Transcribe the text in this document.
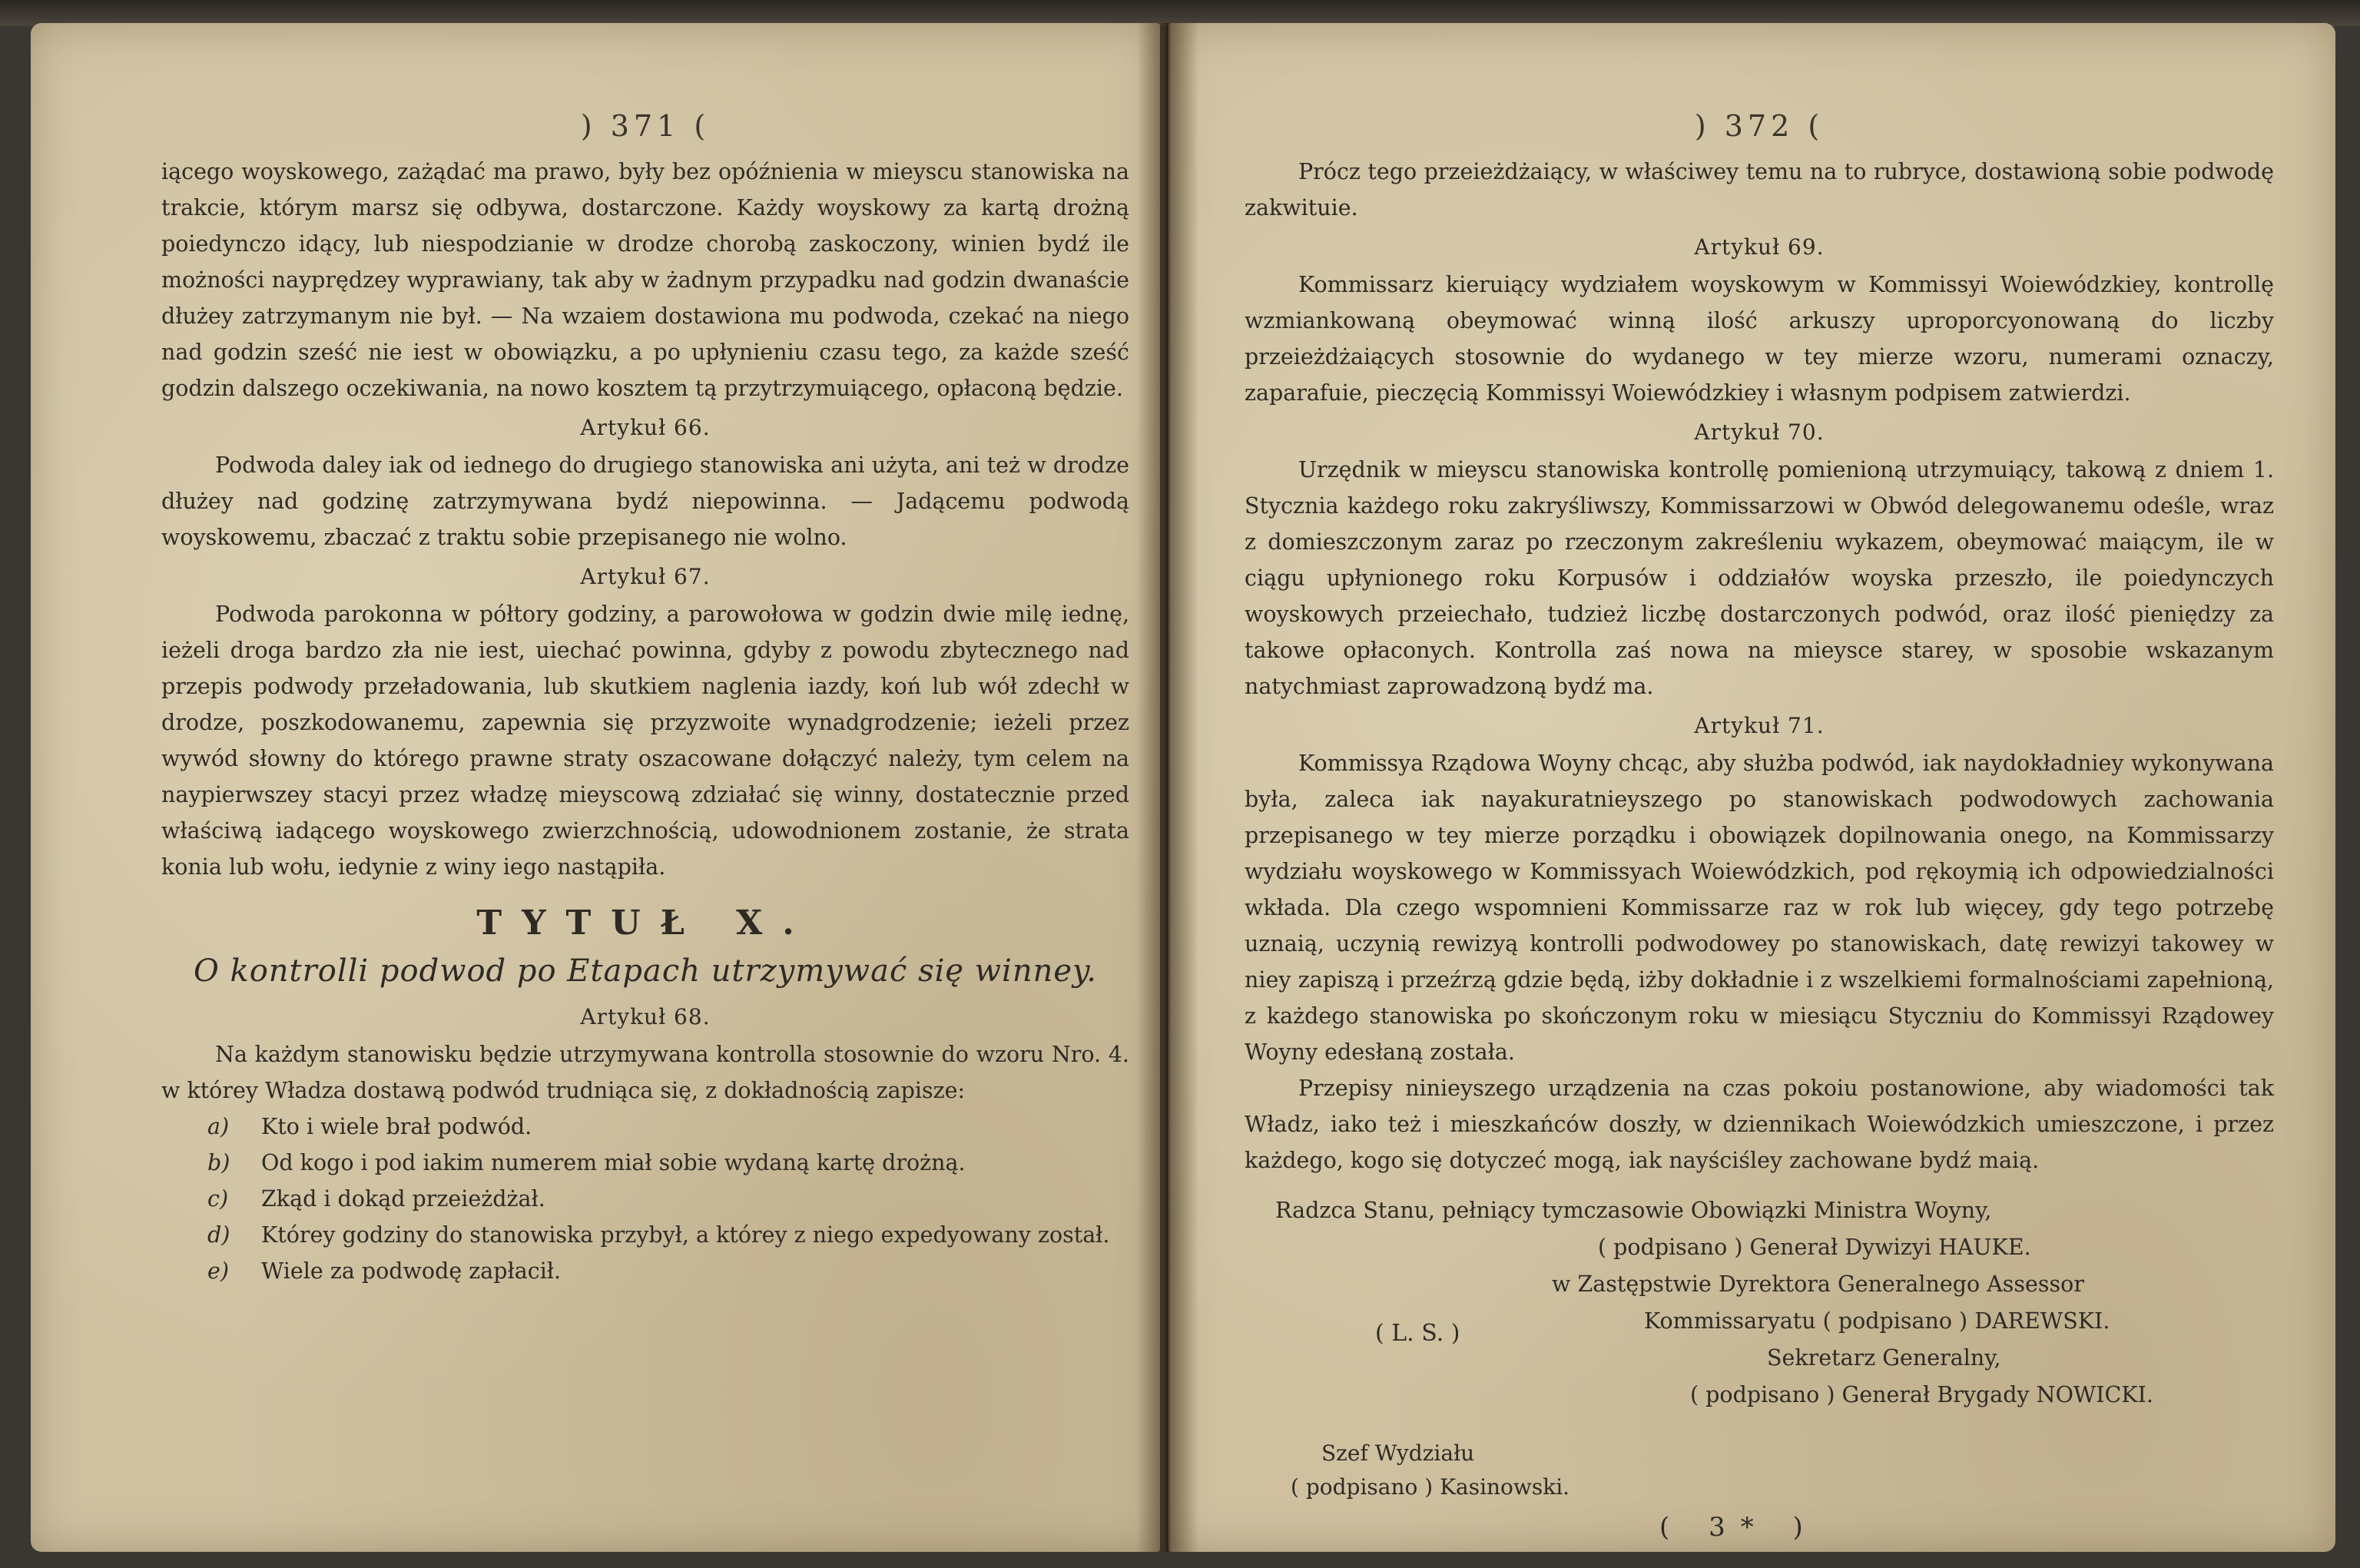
) 371 (

iącego woyskowego, zażądać ma prawo, były bez opóźnienia w mieyscu stanowiska na trakcie, którym marsz się odbywa, dostarczone. Każdy woyskowy za kartą drożną poiedynczo idący, lub niespodzianie w drodze chorobą zaskoczony, winien bydź ile możności nayprędzey wyprawiany, tak aby w żadnym przypadku nad godzin dwanaście dłużey zatrzymanym nie był. — Na wzaiem dostawiona mu podwoda, czekać na niego nad godzin sześć nie iest w obowiązku, a po upłynieniu czasu tego, za każde sześć godzin dalszego oczekiwania, na nowo kosztem tą przytrzymuiącego, opłaconą będzie.

Artykuł 66.

Podwoda daley iak od iednego do drugiego stanowiska ani użyta, ani też w drodze dłużey nad godzinę zatrzymywana bydź niepowinna. — Jadącemu podwodą woyskowemu, zbaczać z traktu sobie przepisanego nie wolno.

Artykuł 67.

Podwoda parokonna w półtory godziny, a parowołowa w godzin dwie milę iednę, ieżeli droga bardzo zła nie iest, uiechać powinna, gdyby z powodu zbytecznego nad przepis podwody przeładowania, lub skutkiem naglenia iazdy, koń lub wół zdechł w drodze, poszkodowanemu, zapewnia się przyzwoite wynadgrodzenie; ieżeli przez wywód słowny do którego prawne straty oszacowane dołączyć należy, tym celem na naypierwszey stacyi przez władzę mieyscową zdziałać się winny, dostatecznie przed właściwą iadącego woyskowego zwierzchnością, udowodnionem zostanie, że strata konia lub wołu, iedynie z winy iego nastąpiła.

TYTUŁ X.
O kontrolli podwod po Etapach utrzymywać się winney.
Artykuł 68.

Na każdym stanowisku będzie utrzymywana kontrolla stosownie do wzoru Nro. 4. w którey Władza dostawą podwód trudniąca się, z dokładnością zapisze:

a)	Kto i wiele brał podwód.
b)	Od kogo i pod iakim numerem miał sobie wydaną kartę drożną.
c)	Zkąd i dokąd przeieżdżał.
d)	Którey godziny do stanowiska przybył, a którey z niego expedyowany został.
e)	Wiele za podwodę zapłacił.
) 372 (

Prócz tego przeieżdżaiący, w właściwey temu na to rubryce, dostawioną sobie podwodę zakwituie.

Artykuł 69.

Kommissarz kieruiący wydziałem woyskowym w Kommissyi Woiewódzkiey, kontrollę wzmiankowaną obeymować winną ilość arkuszy uproporcyonowaną do liczby przeieżdżaiących stosownie do wydanego w tey mierze wzoru, numerami oznaczy, zaparafuie, pieczęcią Kommissyi Woiewódzkiey i własnym podpisem zatwierdzi.

Artykuł 70.

Urzędnik w mieyscu stanowiska kontrollę pomienioną utrzymuiący, takową z dniem 1. Stycznia każdego roku zakryśliwszy, Kommissarzowi w Obwód delegowanemu odeśle, wraz z domieszczonym zaraz po rzeczonym zakreśleniu wykazem, obeymować maiącym, ile w ciągu upłynionego roku Korpusów i oddziałów woyska przeszło, ile poiedynczych woyskowych przeiechało, tudzież liczbę dostarczonych podwód, oraz ilość pieniędzy za takowe opłaconych. Kontrolla zaś nowa na mieysce starey, w sposobie wskazanym natychmiast zaprowadzoną bydź ma.

Artykuł 71.

Kommissya Rządowa Woyny chcąc, aby służba podwód, iak naydokładniey wykonywana była, zaleca iak nayakuratnieyszego po stanowiskach podwodowych zachowania przepisanego w tey mierze porządku i obowiązek dopilnowania onego, na Kommissarzy wydziału woyskowego w Kommissyach Woiewódzkich, pod rękoymią ich odpowiedzialności wkłada. Dla czego wspomnieni Kommissarze raz w rok lub więcey, gdy tego potrzebę uznaią, uczynią rewizyą kontrolli podwodowey po stanowiskach, datę rewizyi takowey w niey zapiszą i przeźrzą gdzie będą, iżby dokładnie i z wszelkiemi formalnościami zapełnioną, z każdego stanowiska po skończonym roku w miesiącu Styczniu do Kommissyi Rządowey Woyny edesłaną została.

Przepisy ninieyszego urządzenia na czas pokoiu postanowione, aby wiadomości tak Władz, iako też i mieszkańców doszły, w dziennikach Woiewódzkich umieszczone, i przez każdego, kogo się dotyczeć mogą, iak nayściśley zachowane bydź maią.

Radzca Stanu, pełniący tymczasowie Obowiązki Ministra Woyny,
( podpisano ) Generał Dywizyi HAUKE.
w Zastępstwie Dyrektora Generalnego Assessor
Kommissaryatu ( podpisano ) DAREWSKI.
Sekretarz Generalny,
( podpisano ) Generał Brygady NOWICKI.
( L. S. )
Szef Wydziału
( podpisano ) Kasinowski.
( 3* )
